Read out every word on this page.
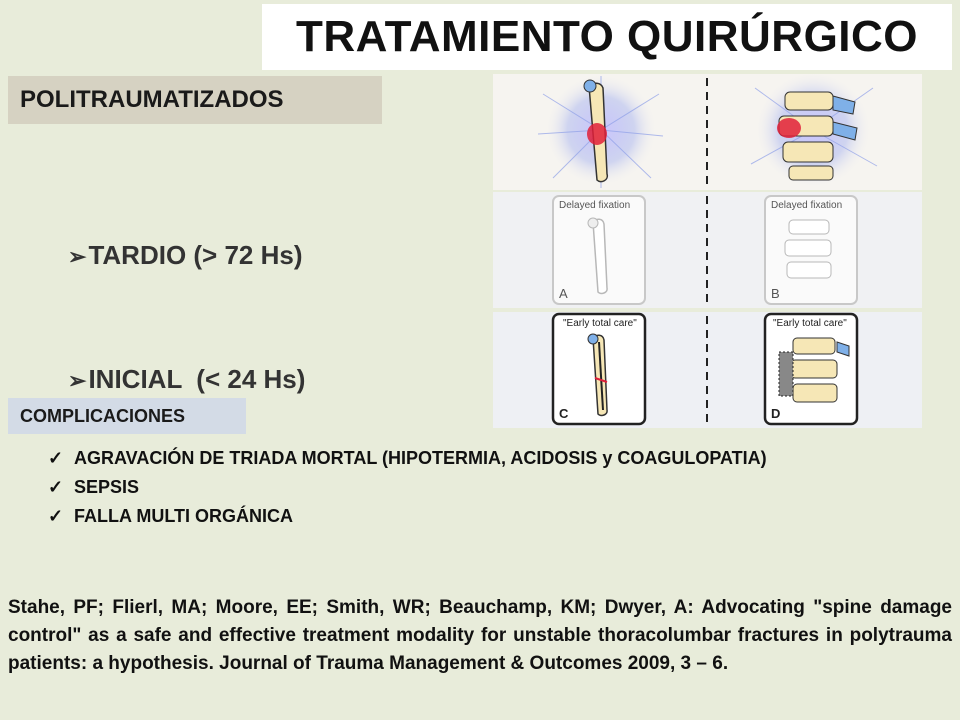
TRATAMIENTO QUIRÚRGICO
POLITRAUMATIZADOS
➢TARDIO (> 72 Hs)
➢INICIAL  (< 24 Hs)
COMPLICACIONES
✓ AGRAVACIÓN DE TRIADA MORTAL (HIPOTERMIA, ACIDOSIS y COAGULOPATIA)
✓ SEPSIS
✓ FALLA MULTI ORGÁNICA

Stahe, PF; Flierl, MA; Moore, EE; Smith, WR; Beauchamp, KM; Dwyer, A: Advocating "spine damage control" as a safe and effective treatment modality for unstable thoracolumbar fractures in polytrauma patients: a hypothesis. Journal of Trauma Management & Outcomes 2009, 3 – 6.

Delayed fixation
A
Delayed fixation
B
"Early total care"
C
"Early total care"
D
